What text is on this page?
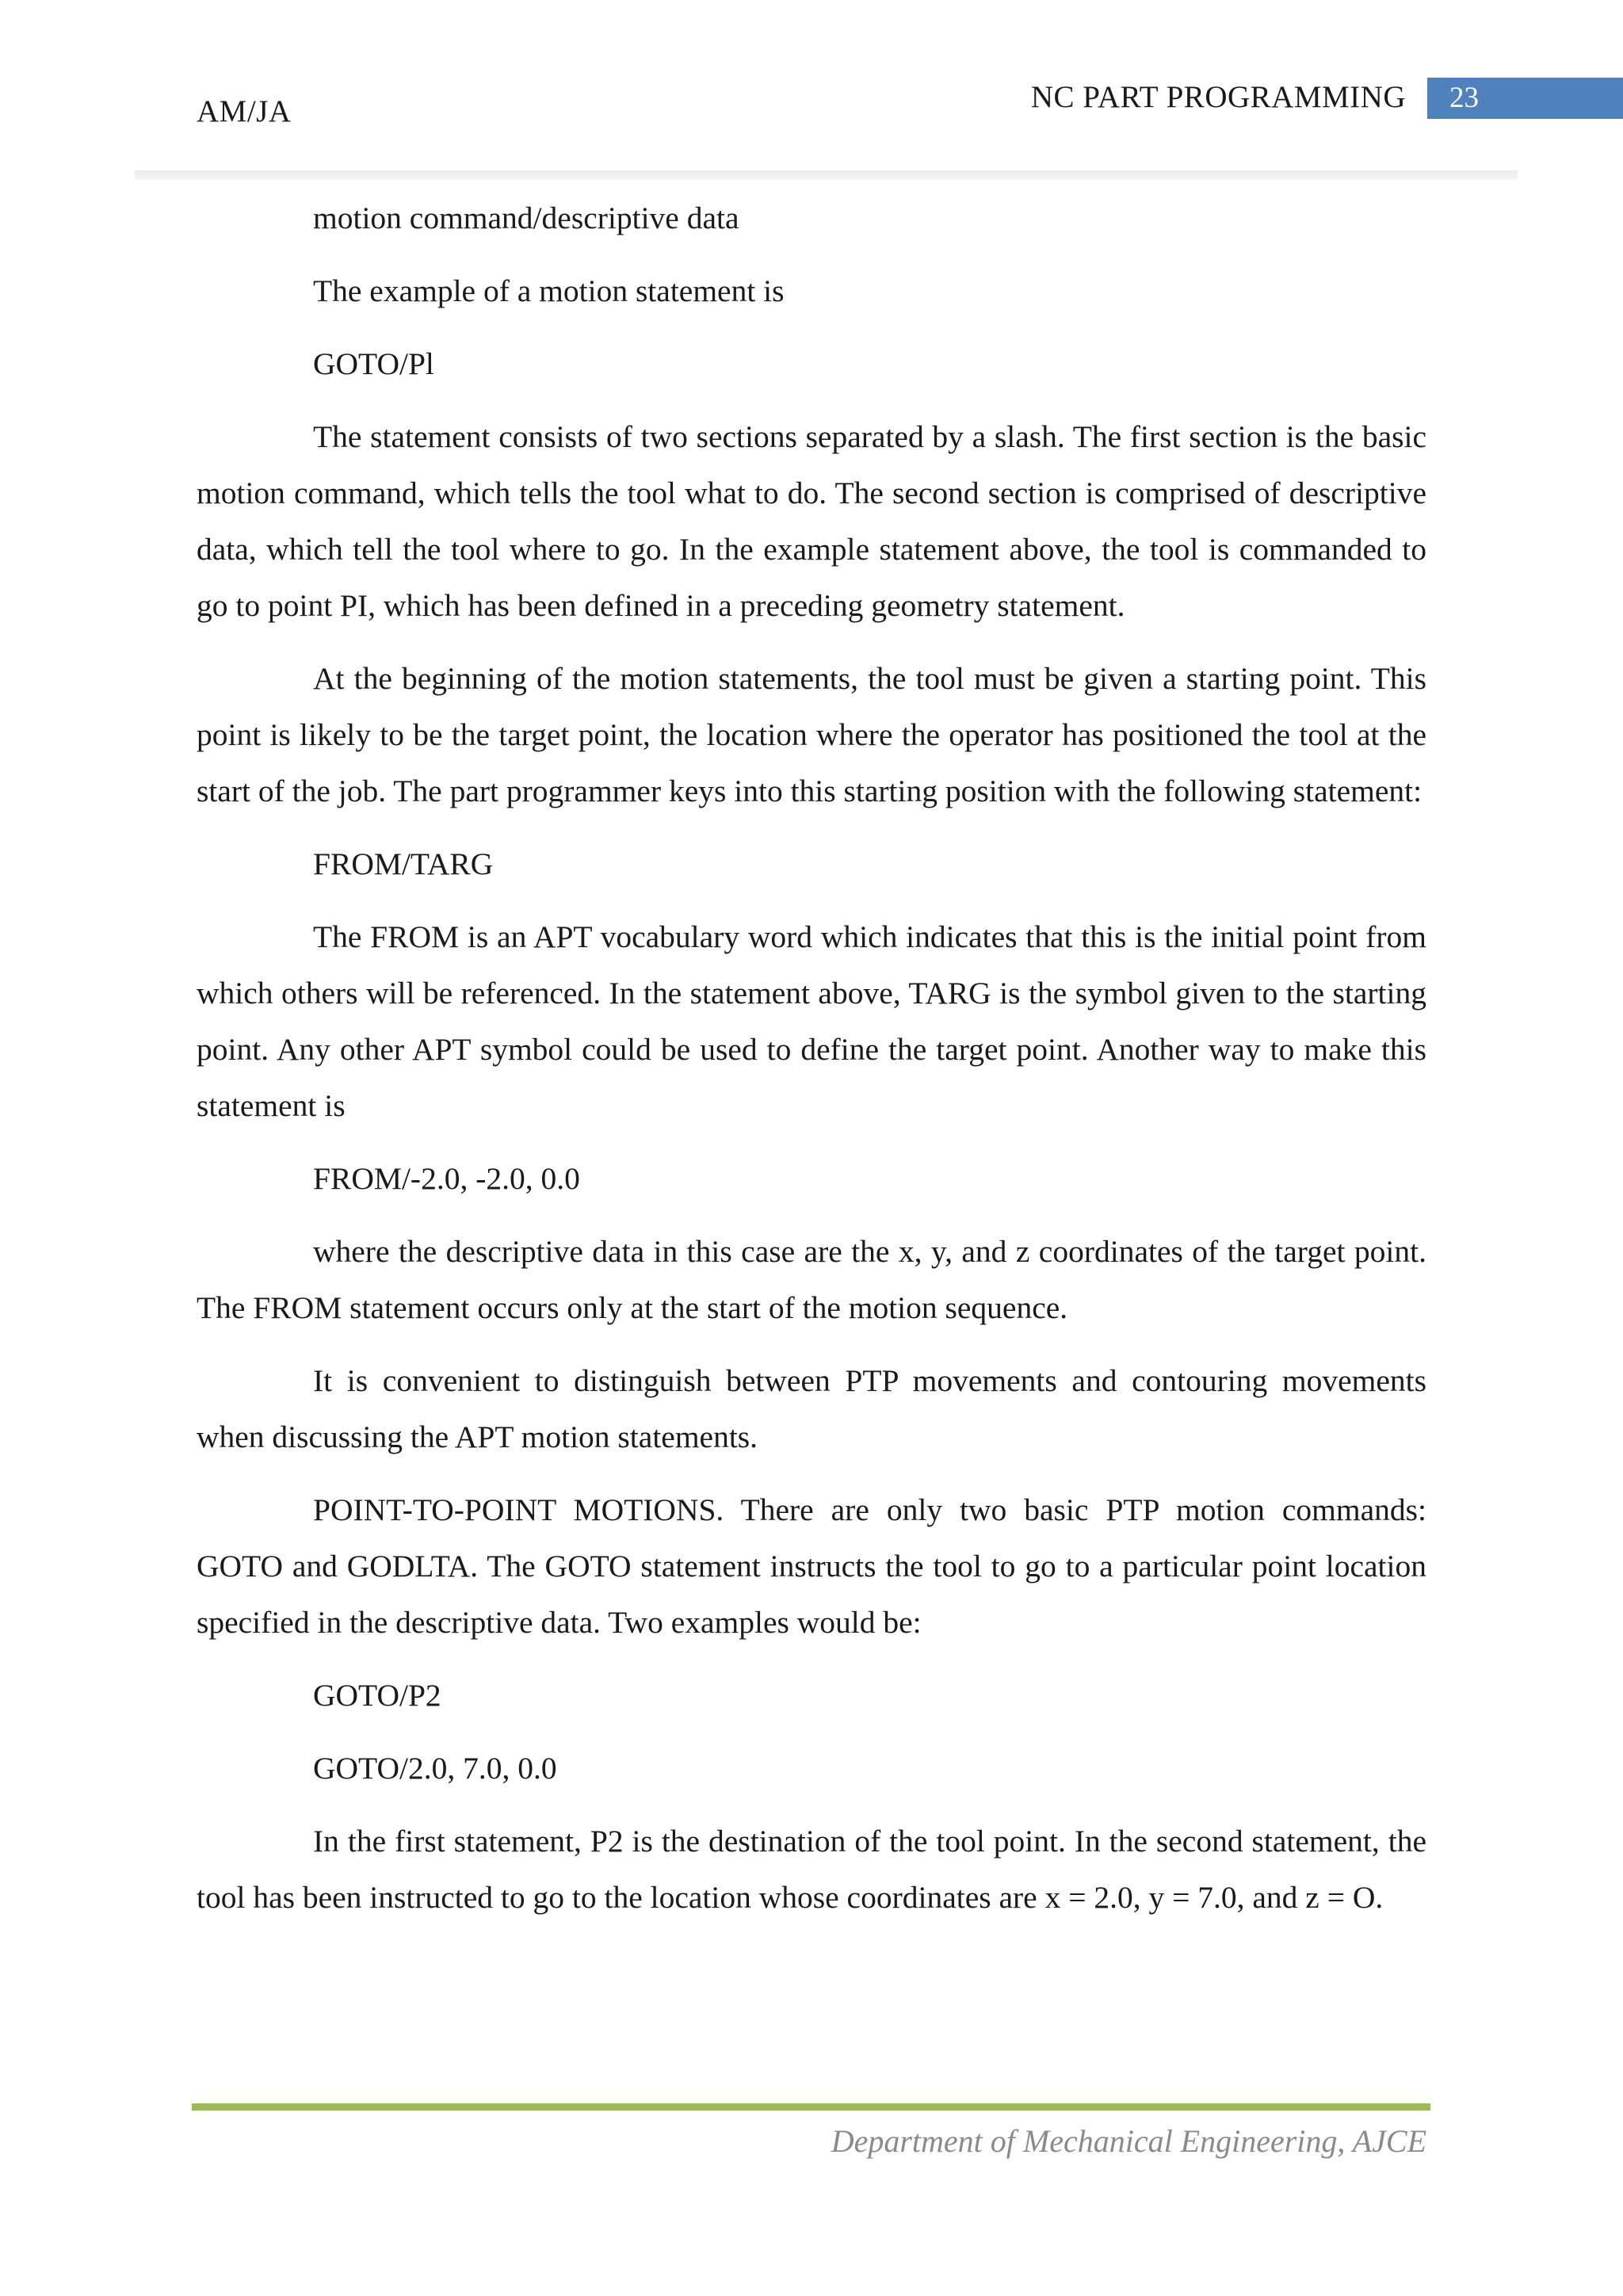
AM/JA	NC PART PROGRAMMING 23

motion command/descriptive data

The example of a motion statement is

GOTO/Pl

The statement consists of two sections separated by a slash. The first section is the basic motion command, which tells the tool what to do. The second section is comprised of descriptive data, which tell the tool where to go. In the example statement above, the tool is commanded to go to point PI, which has been defined in a preceding geometry statement.

At the beginning of the motion statements, the tool must be given a starting point. This point is likely to be the target point, the location where the operator has positioned the tool at the start of the job. The part programmer keys into this starting position with the following statement:

FROM/TARG

The FROM is an APT vocabulary word which indicates that this is the initial point from which others will be referenced. In the statement above, TARG is the symbol given to the starting point. Any other APT symbol could be used to define the target point. Another way to make this statement is

FROM/-2.0, -2.0, 0.0

where the descriptive data in this case are the x, y, and z coordinates of the target point. The FROM statement occurs only at the start of the motion sequence.

It is convenient to distinguish between PTP movements and contouring movements when discussing the APT motion statements.

POINT-TO-POINT MOTIONS. There are only two basic PTP motion commands: GOTO and GODLTA. The GOTO statement instructs the tool to go to a particular point location specified in the descriptive data. Two examples would be:

GOTO/P2

GOTO/2.0, 7.0, 0.0

In the first statement, P2 is the destination of the tool point. In the second statement, the tool has been instructed to go to the location whose coordinates are x = 2.0, y = 7.0, and z = O.

Department of Mechanical Engineering, AJCE
